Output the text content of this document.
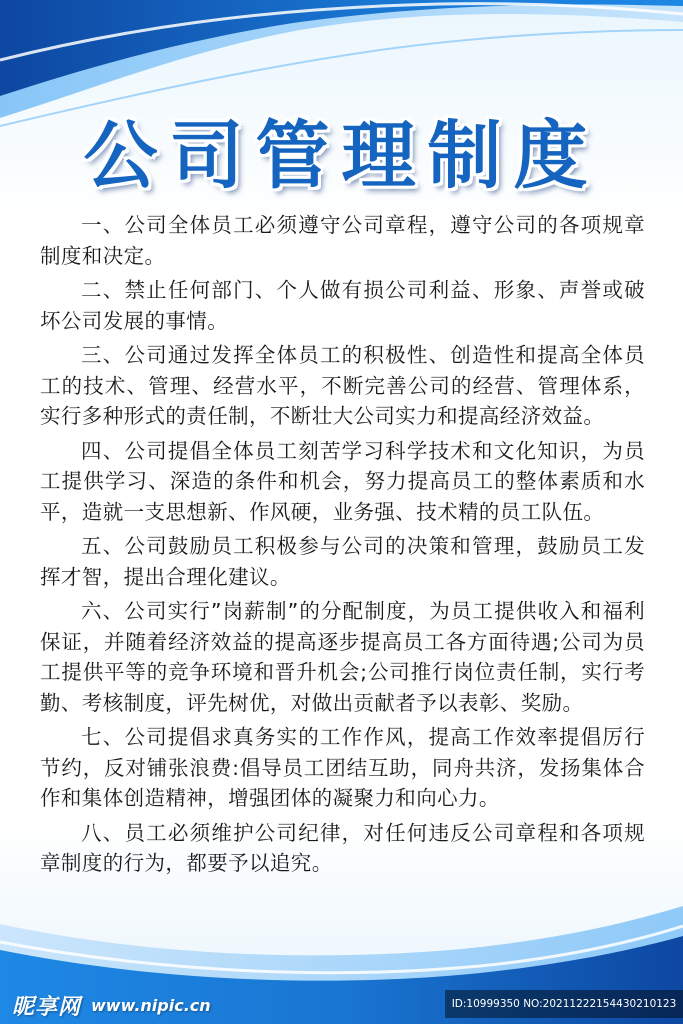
公司管理制度

一、公司全体员工必须遵守公司章程，遵守公司的各项规章制度和决定。

二、禁止任何部门、个人做有损公司利益、形象、声誉或破坏公司发展的事情。

三、公司通过发挥全体员工的积极性、创造性和提高全体员工的技术、管理、经营水平，不断完善公司的经营、管理体系，实行多种形式的责任制，不断壮大公司实力和提高经济效益。

四、公司提倡全体员工刻苦学习科学技术和文化知识，为员工提供学习、深造的条件和机会，努力提高员工的整体素质和水平，造就一支思想新、作风硬，业务强、技术精的员工队伍。

五、公司鼓励员工积极参与公司的决策和管理，鼓励员工发挥才智，提出合理化建议。

六、公司实行”岗薪制”的分配制度，为员工提供收入和福利保证，并随着经济效益的提高逐步提高员工各方面待遇;公司为员工提供平等的竞争环境和晋升机会;公司推行岗位责任制，实行考勤、考核制度，评先树优，对做出贡献者予以表彰、奖励。

七、公司提倡求真务实的工作作风，提高工作效率提倡厉行节约，反对铺张浪费:倡导员工团结互助，同舟共济，发扬集体合作和集体创造精神，增强团体的凝聚力和向心力。

八、员工必须维护公司纪律，对任何违反公司章程和各项规章制度的行为，都要予以追究。

昵享网 www.nipic.cn	ID:10999350 NO:20211222154430210123
